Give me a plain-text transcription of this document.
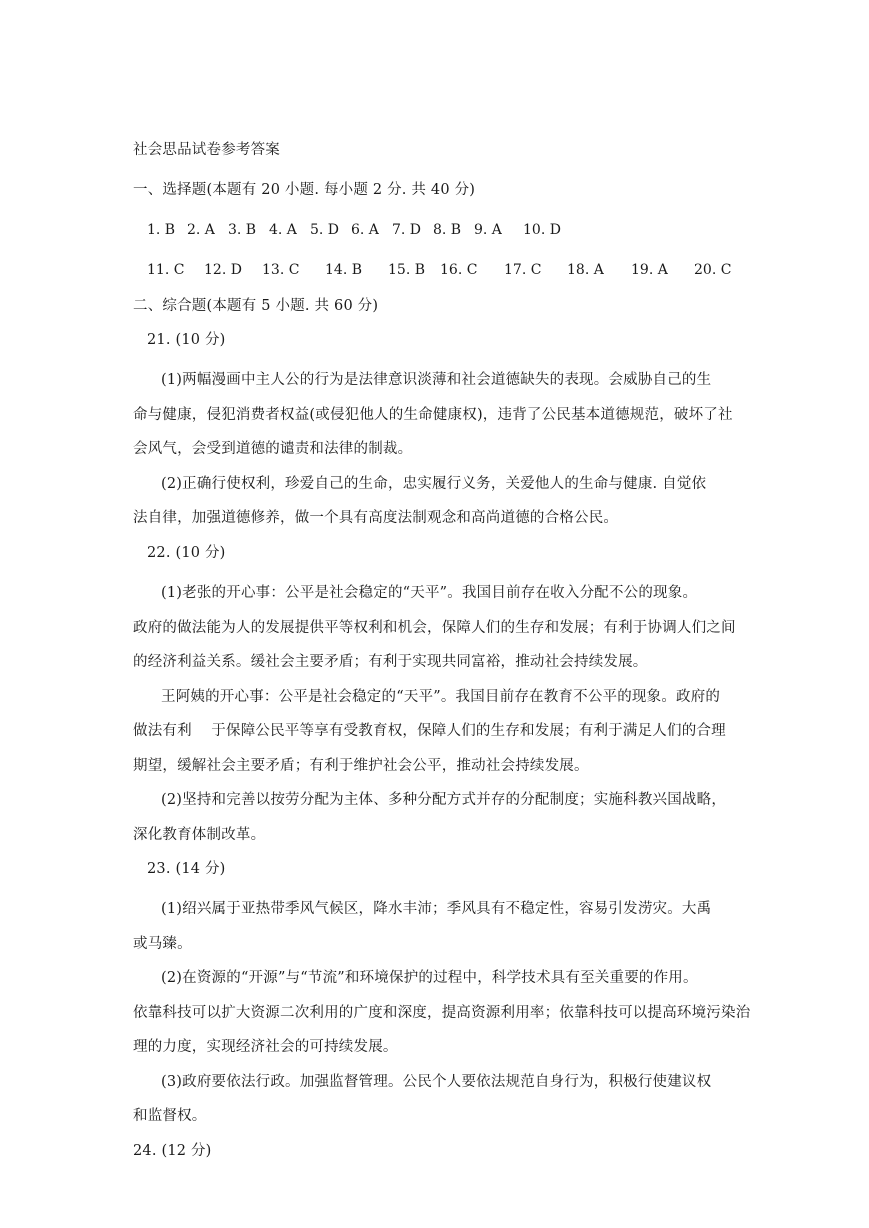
社会思品试卷参考答案
一、选择题(本题有 20 小题. 每小题 2 分. 共 40 分)
1. B 2. A 3. B 4. A 5. D 6. A 7. D 8. B 9. A 10. D
11. C 12. D 13. C 14. B 15. B 16. C 17. C 18. A 19. A 20. C
二、综合题(本题有 5 小题. 共 60 分)
21. (10 分)
(1)两幅漫画中主人公的行为是法律意识淡薄和社会道德缺失的表现。会威胁自己的生
命与健康，侵犯消费者权益(或侵犯他人的生命健康权)，违背了公民基本道德规范，破坏了社
会风气，会受到道德的谴责和法律的制裁。
(2)正确行使权利，珍爱自己的生命，忠实履行义务，关爱他人的生命与健康. 自觉依
法自律，加强道德修养，做一个具有高度法制观念和高尚道德的合格公民。
22. (10 分)
(1)老张的开心事：公平是社会稳定的“天平”。我国目前存在收入分配不公的现象。
政府的做法能为人的发展提供平等权利和机会，保障人们的生存和发展；有利于协调人们之间
的经济利益关系。缓社会主要矛盾；有利于实现共同富裕，推动社会持续发展。
王阿姨的开心事：公平是社会稳定的“天平”。我国目前存在教育不公平的现象。政府的
做法有利　 于保障公民平等享有受教育权，保障人们的生存和发展；有利于满足人们的合理
期望，缓解社会主要矛盾；有利于维护社会公平，推动社会持续发展。
(2)坚持和完善以按劳分配为主体、多种分配方式并存的分配制度；实施科教兴国战略，
深化教育体制改革。
23. (14 分)
(1)绍兴属于亚热带季风气候区，降水丰沛；季风具有不稳定性，容易引发涝灾。大禹
或马臻。
(2)在资源的“开源”与“节流”和环境保护的过程中，科学技术具有至关重要的作用。
依靠科技可以扩大资源二次利用的广度和深度，提高资源利用率；依靠科技可以提高环境污染治
理的力度，实现经济社会的可持续发展。
(3)政府要依法行政。加强监督管理。公民个人要依法规范自身行为，积极行使建议权
和监督权。
24. (12 分)
